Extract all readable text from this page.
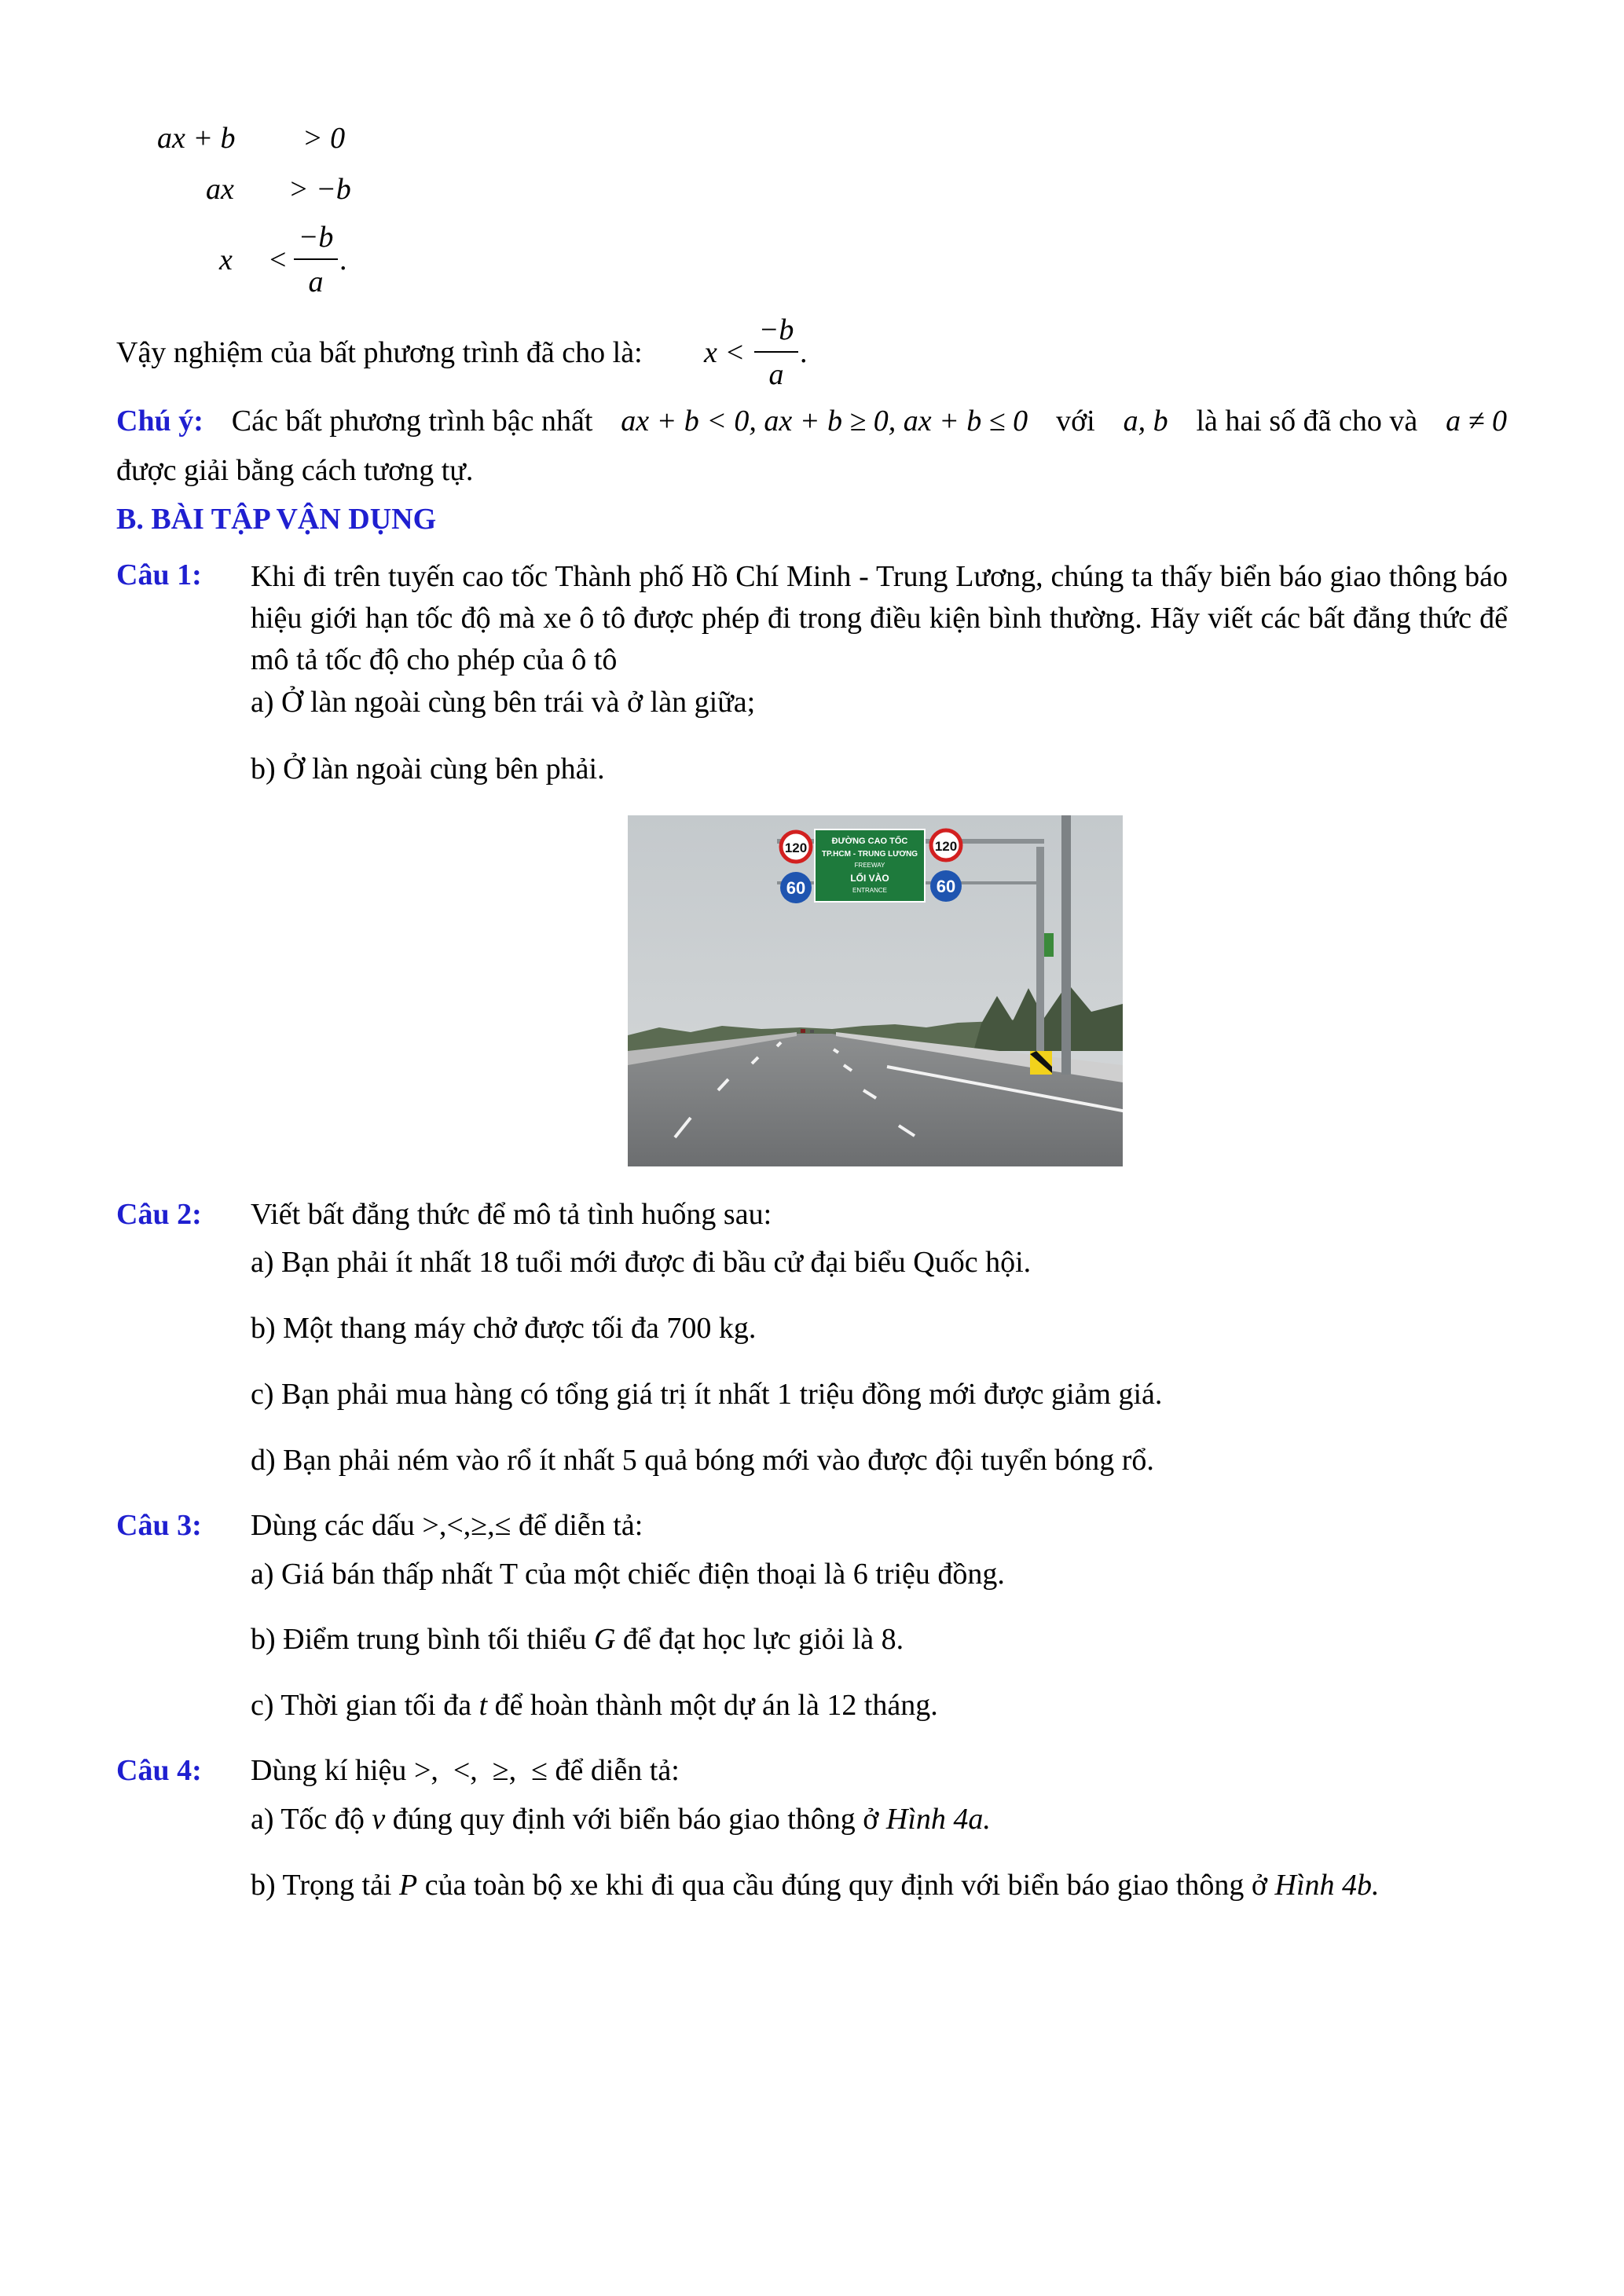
ax + b > 0
ax > −b
x <
−b
a
.
Vậy nghiệm của bất phương trình đã cho là: x <
−b
a
.
Chú ý: Các bất phương trình bậc nhất ax + b < 0, ax + b ≥ 0, ax + b ≤ 0 với a, b là hai số đã cho và a ≠ 0
được giải bằng cách tương tự.
B. BÀI TẬP VẬN DỤNG
Câu 1: Khi đi trên tuyến cao tốc Thành phố Hồ Chí Minh - Trung Lương, chúng ta thấy biển báo giao thông báo hiệu giới hạn tốc độ mà xe ô tô được phép đi trong điều kiện bình thường. Hãy viết các bất đẳng thức để mô tả tốc độ cho phép của ô tô
a) Ở làn ngoài cùng bên trái và ở làn giữa;
b) Ở làn ngoài cùng bên phải.
120
60
ĐƯỜNG CAO TỐC
TP.HCM - TRUNG LƯƠNG
FREEWAY
LỐI VÀO
ENTRANCE
120
60
Câu 2: Viết bất đẳng thức để mô tả tình huống sau:
a) Bạn phải ít nhất 18 tuổi mới được đi bầu cử đại biểu Quốc hội.
b) Một thang máy chở được tối đa 700 kg.
c) Bạn phải mua hàng có tổng giá trị ít nhất 1 triệu đồng mới được giảm giá.
d) Bạn phải ném vào rổ ít nhất 5 quả bóng mới vào được đội tuyển bóng rổ.
Câu 3: Dùng các dấu >,<,≥,≤ để diễn tả:
a) Giá bán thấp nhất T của một chiếc điện thoại là 6 triệu đồng.
b) Điểm trung bình tối thiểu G để đạt học lực giỏi là 8.
c) Thời gian tối đa t để hoàn thành một dự án là 12 tháng.
Câu 4: Dùng kí hiệu >,  <,  ≥,  ≤ để diễn tả:
a) Tốc độ v đúng quy định với biển báo giao thông ở Hình 4a.
b) Trọng tải P của toàn bộ xe khi đi qua cầu đúng quy định với biển báo giao thông ở Hình 4b.
